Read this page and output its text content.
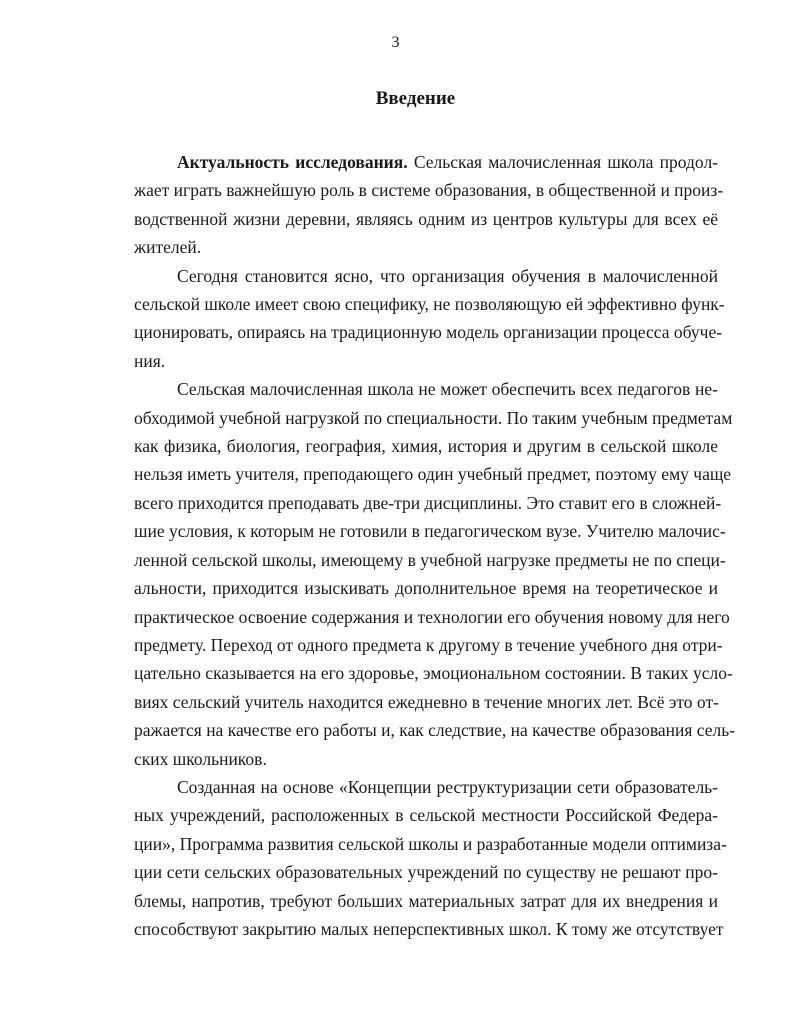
3
Введение
Актуальность исследования. Сельская малочисленная школа продол-
жает играть важнейшую роль в системе образования, в общественной и произ-
водственной жизни деревни, являясь одним из центров культуры для всех её
жителей.
Сегодня становится ясно, что организация обучения в малочисленной
сельской школе имеет свою специфику, не позволяющую ей эффективно функ-
ционировать, опираясь на традиционную модель организации процесса обуче-
ния.
Сельская малочисленная школа не может обеспечить всех педагогов не-
обходимой учебной нагрузкой по специальности. По таким учебным предметам
как физика, биология, география, химия, история и другим в сельской школе
нельзя иметь учителя, преподающего один учебный предмет, поэтому ему чаще
всего приходится преподавать две-три дисциплины. Это ставит его в сложней-
шие условия, к которым не готовили в педагогическом вузе. Учителю малочис-
ленной сельской школы, имеющему в учебной нагрузке предметы не по специ-
альности, приходится изыскивать дополнительное время на теоретическое и
практическое освоение содержания и технологии его обучения новому для него
предмету. Переход от одного предмета к другому в течение учебного дня отри-
цательно сказывается на его здоровье, эмоциональном состоянии. В таких усло-
виях сельский учитель находится ежедневно в течение многих лет. Всё это от-
ражается на качестве его работы и, как следствие, на качестве образования сель-
ских школьников.
Созданная на основе «Концепции реструктуризации сети образователь-
ных учреждений, расположенных в сельской местности Российской Федера-
ции», Программа развития сельской школы и разработанные модели оптимиза-
ции сети сельских образовательных учреждений по существу не решают про-
блемы, напротив, требуют больших материальных затрат для их внедрения и
способствуют закрытию малых неперспективных школ. К тому же отсутствует
